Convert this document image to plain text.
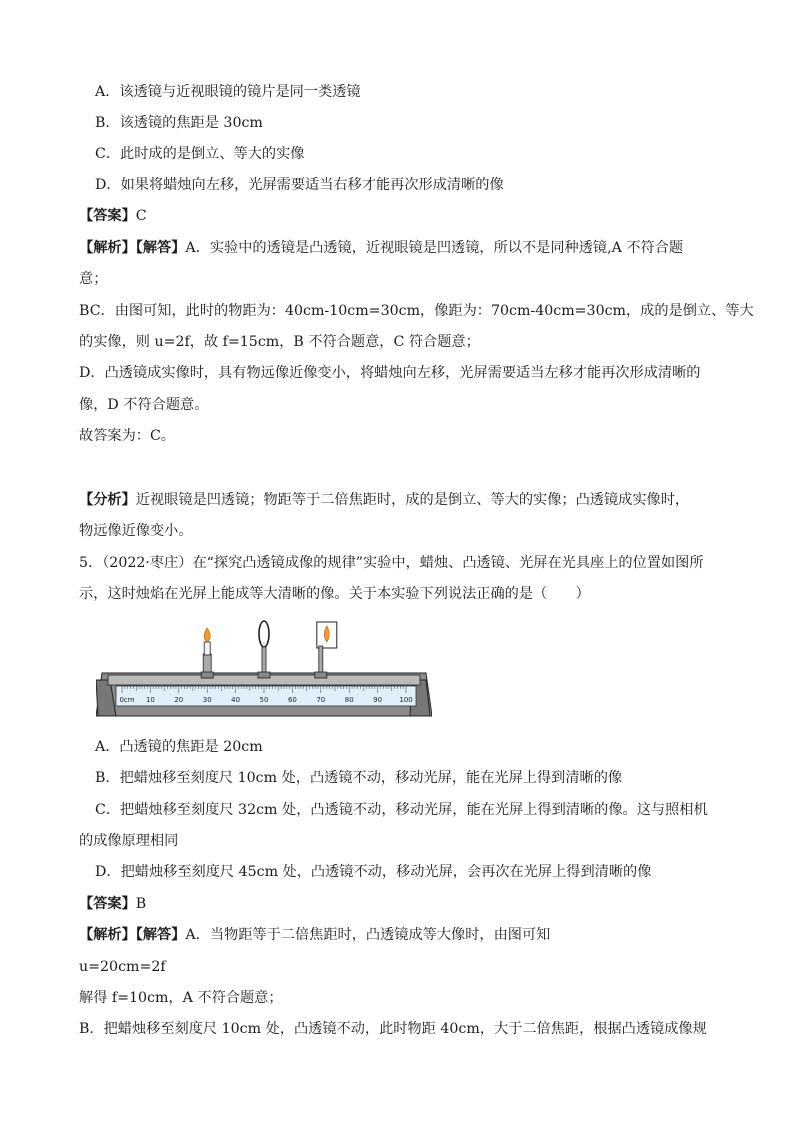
A．该透镜与近视眼镜的镜片是同一类透镜
B．该透镜的焦距是 30cm
C．此时成的是倒立、等大的实像
D．如果将蜡烛向左移，光屏需要适当右移才能再次形成清晰的像
【答案】C
【解析】【解答】A．实验中的透镜是凸透镜，近视眼镜是凹透镜，所以不是同种透镜,A 不符合题
意；
BC．由图可知，此时的物距为：40cm-10cm=30cm，像距为：70cm-40cm=30cm，成的是倒立、等大
的实像，则 u=2f，故 f=15cm，B 不符合题意，C 符合题意；
D．凸透镜成实像时，具有物远像近像变小，将蜡烛向左移，光屏需要适当左移才能再次形成清晰的
像，D 不符合题意。
故答案为：C。
【分析】近视眼镜是凹透镜；物距等于二倍焦距时，成的是倒立、等大的实像；凸透镜成实像时，
物远像近像变小。
5．（2022·枣庄）在“探究凸透镜成像的规律”实验中，蜡烛、凸透镜、光屏在光具座上的位置如图所
示，这时烛焰在光屏上能成等大清晰的像。关于本实验下列说法正确的是（　　）
0cm 10	20	30	40	50	60	70	80	90 100
A．凸透镜的焦距是 20cm
B．把蜡烛移至刻度尺 10cm 处，凸透镜不动，移动光屏，能在光屏上得到清晰的像
C．把蜡烛移至刻度尺 32cm 处，凸透镜不动，移动光屏，能在光屏上得到清晰的像。这与照相机
的成像原理相同
D．把蜡烛移至刻度尺 45cm 处，凸透镜不动，移动光屏，会再次在光屏上得到清晰的像
【答案】B
【解析】【解答】A．当物距等于二倍焦距时，凸透镜成等大像时，由图可知
u=20cm=2f
解得 f=10cm，A 不符合题意；
B．把蜡烛移至刻度尺 10cm 处，凸透镜不动，此时物距 40cm，大于二倍焦距，根据凸透镜成像规
